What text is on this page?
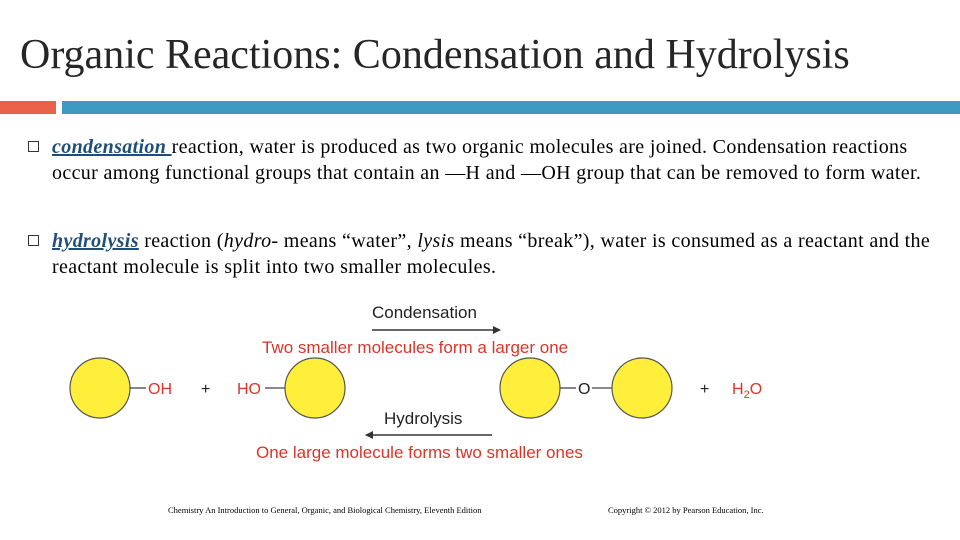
Organic Reactions: Condensation and Hydrolysis
condensation reaction, water is produced as two organic molecules are joined. Condensation reactions occur among functional groups that contain an —H and —OH group that can be removed to form water.
hydrolysis reaction (hydro- means “water”, lysis means “break”), water is consumed as a reactant and the reactant molecule is split into two smaller molecules.
Condensation
Two smaller molecules form a larger one
OH + HO	O	+ $H_2O$
Hydrolysis
One large molecule forms two smaller ones
Chemistry An Introduction to General, Organic, and Biological Chemistry, Eleventh Edition	Copyright © 2012 by Pearson Education, Inc.
